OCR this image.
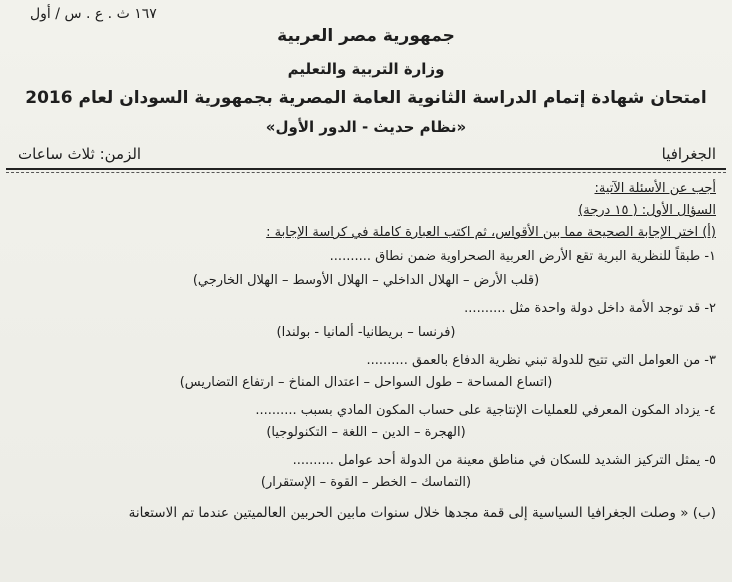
١٦٧ ث . ع . س / أول
جمهورية مصر العربية
وزارة التربية والتعليم
امتحان شهادة إتمام الدراسة الثانوية العامة المصرية بجمهورية السودان لعام 2016
«نظام حديث - الدور الأول»
الجغرافيا
الزمن: ثلاث ساعات
أجب عن الأسئلة الآتية:
السؤال الأول: ( ١٥ درجة)
(أ) اختر الإجابة الصحيحة مما بين الأقواس، ثم اكتب العبارة كاملة في كراسة الإجابة :
١- طبقاً للنظرية البرية تقع الأرض العربية الصحراوية ضمن نطاق ..........
(قلب الأرض – الهلال الداخلي – الهلال الأوسط – الهلال الخارجي)
٢- قد توجد الأمة داخل دولة واحدة مثل ..........
(فرنسا – بريطانيا- ألمانيا - بولندا)
٣- من العوامل التي تتيح للدولة تبني نظرية الدفاع بالعمق ..........
(اتساع المساحة – طول السواحل – اعتدال المناخ – ارتفاع التضاريس)
٤- يزداد المكون المعرفي للعمليات الإنتاجية على حساب المكون المادي بسبب ..........
(الهجرة – الدين – اللغة – التكنولوجيا)
٥- يمثل التركيز الشديد للسكان في مناطق معينة من الدولة أحد عوامل ..........
(التماسك – الخطر – القوة – الإستقرار)
(ب) « وصلت الجغرافيا السياسية إلى قمة مجدها خلال سنوات مابين الحربين العالميتين عندما تم الاستعانة
